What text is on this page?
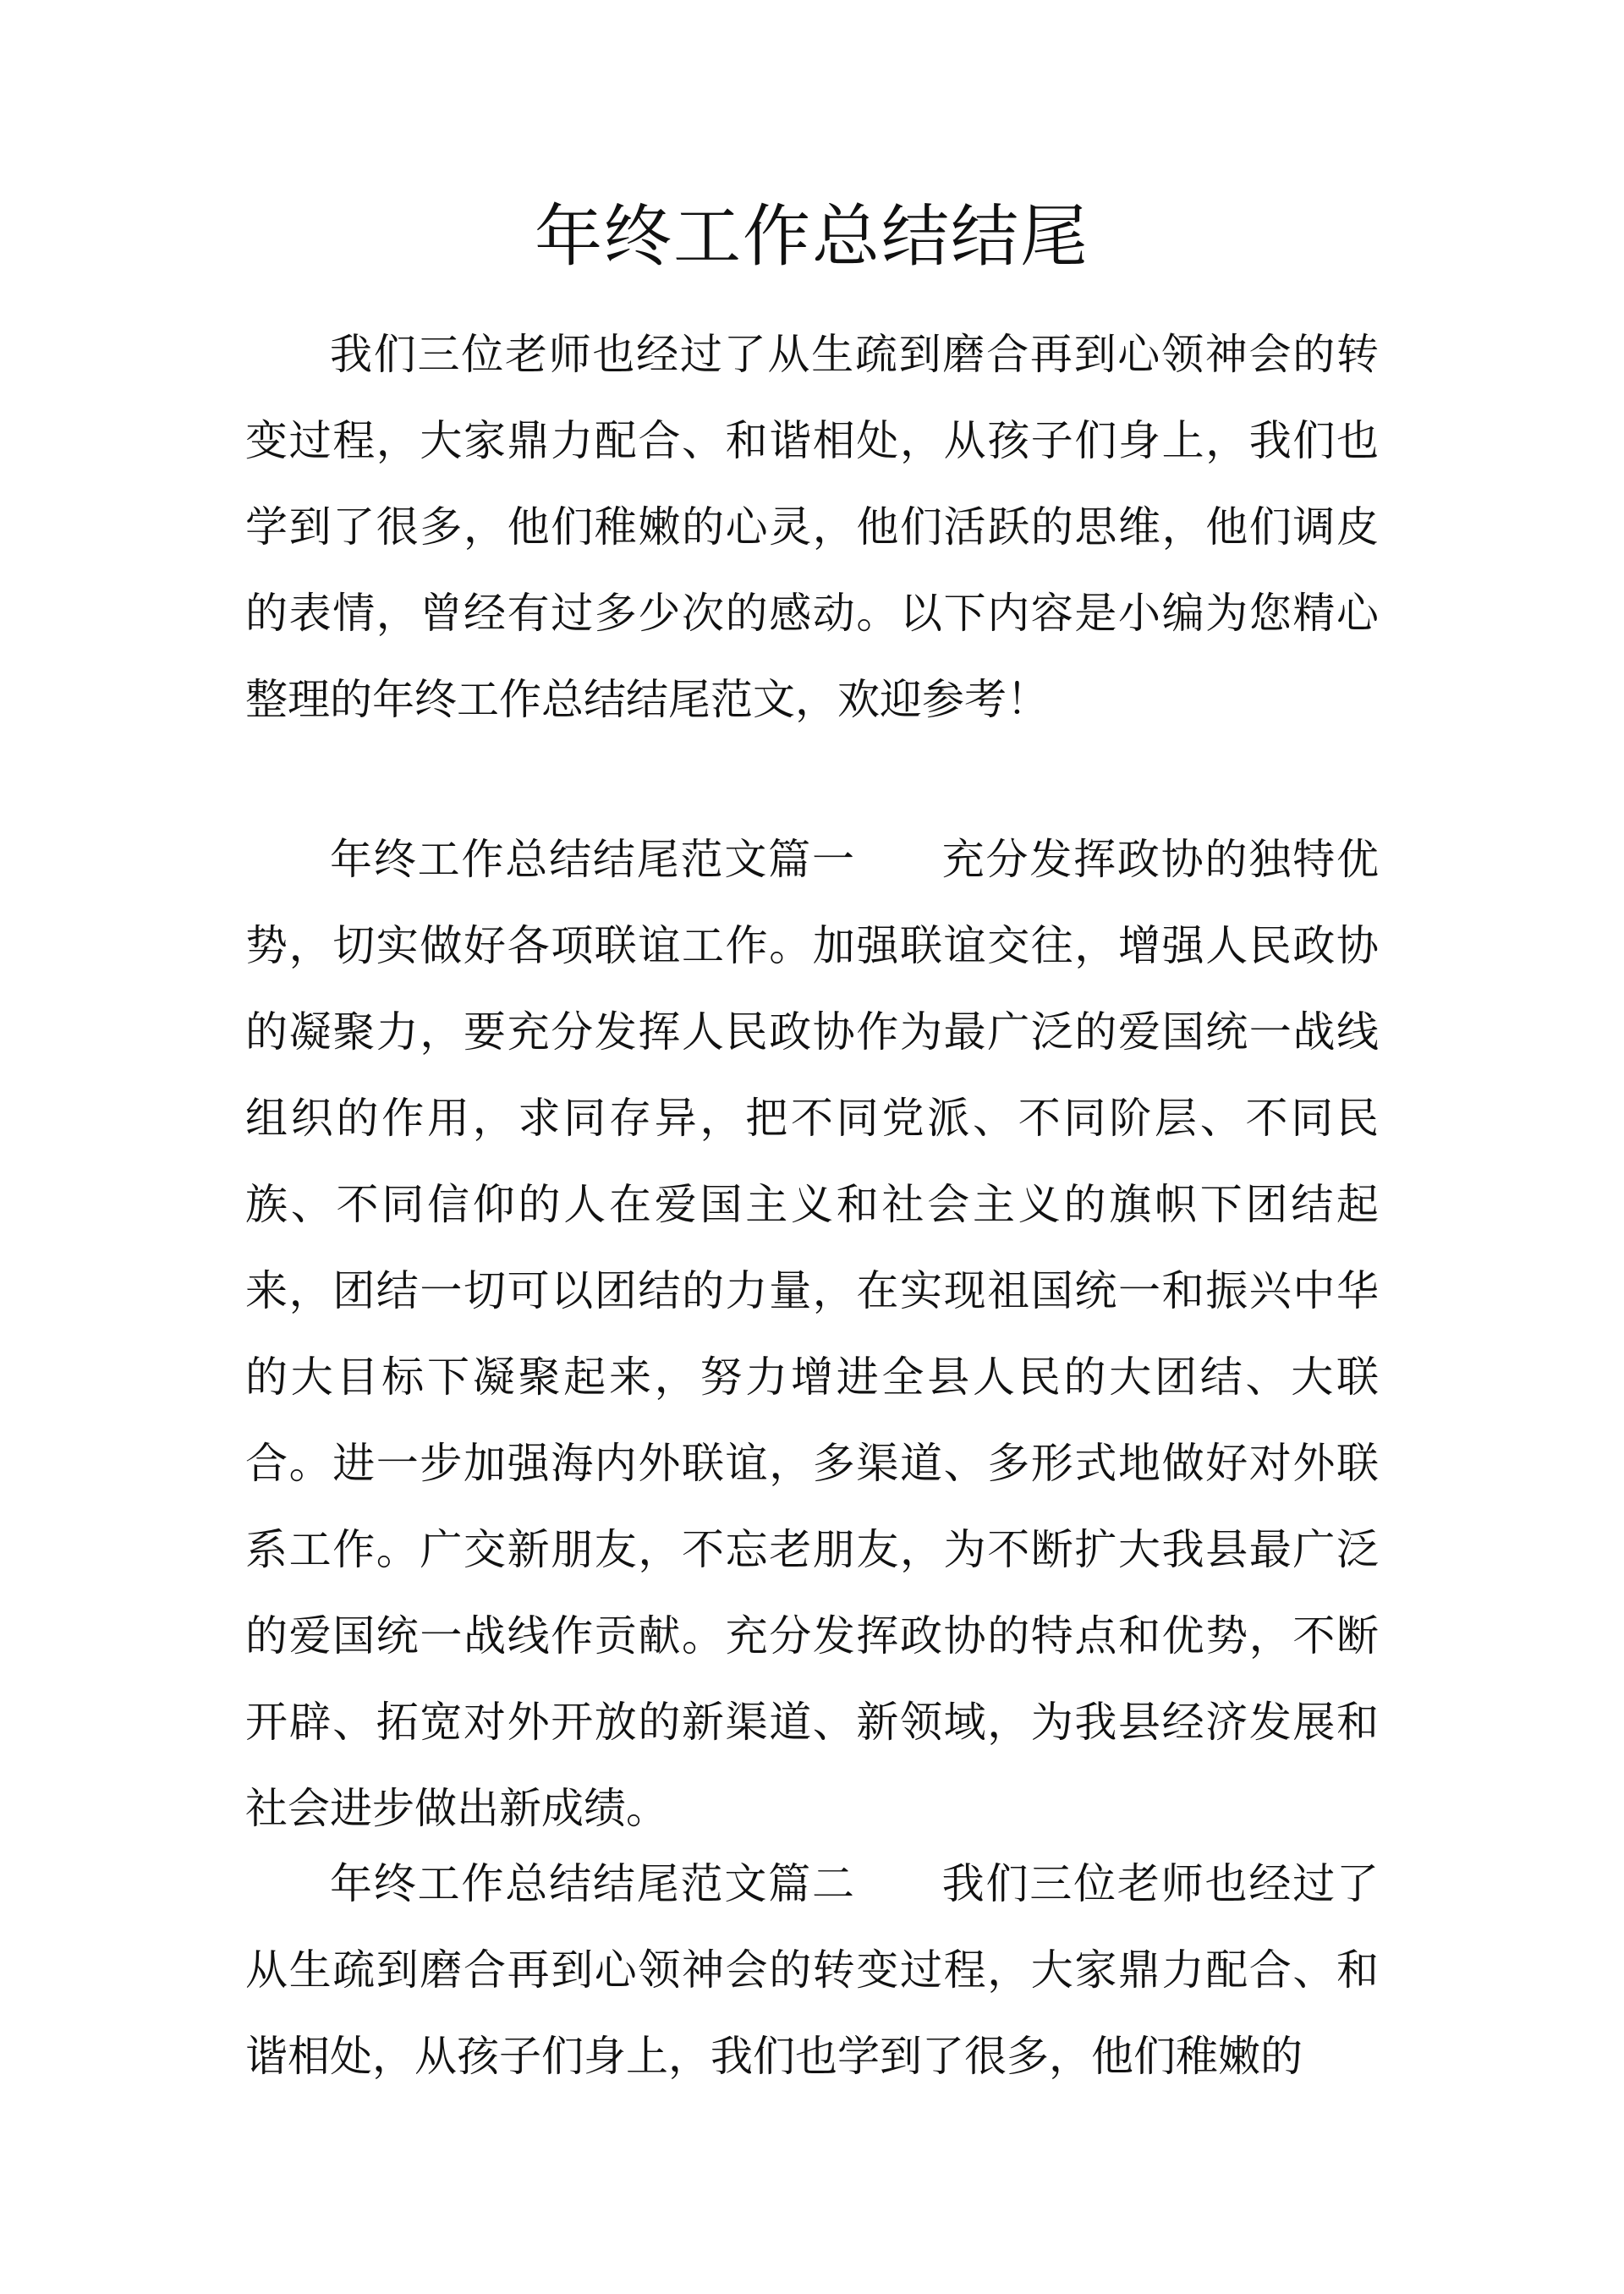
年终工作总结结尾

我们三位老师也经过了从生疏到磨合再到心领神会的转变过程，大家鼎力配合、和谐相处，从孩子们身上，我们也学到了很多，他们稚嫩的心灵，他们活跃的思维，他们调皮的表情，曾经有过多少次的感动。以下内容是小编为您精心整理的年终工作总结结尾范文，欢迎参考！

年终工作总结结尾范文篇一 充分发挥政协的独特优势，切实做好各项联谊工作。加强联谊交往，增强人民政协的凝聚力，要充分发挥人民政协作为最广泛的爱国统一战线组织的作用，求同存异，把不同党派、不同阶层、不同民族、不同信仰的人在爱国主义和社会主义的旗帜下团结起来，团结一切可以团结的力量，在实现祖国统一和振兴中华的大目标下凝聚起来，努力增进全县人民的大团结、大联合。进一步加强海内外联谊，多渠道、多形式地做好对外联系工作。广交新朋友，不忘老朋友，为不断扩大我县最广泛的爱国统一战线作贡献。充分发挥政协的特点和优势，不断开辟、拓宽对外开放的新渠道、新领域，为我县经济发展和社会进步做出新成绩。

年终工作总结结尾范文篇二 我们三位老师也经过了从生疏到磨合再到心领神会的转变过程，大家鼎力配合、和谐相处，从孩子们身上，我们也学到了很多，他们稚嫩的
